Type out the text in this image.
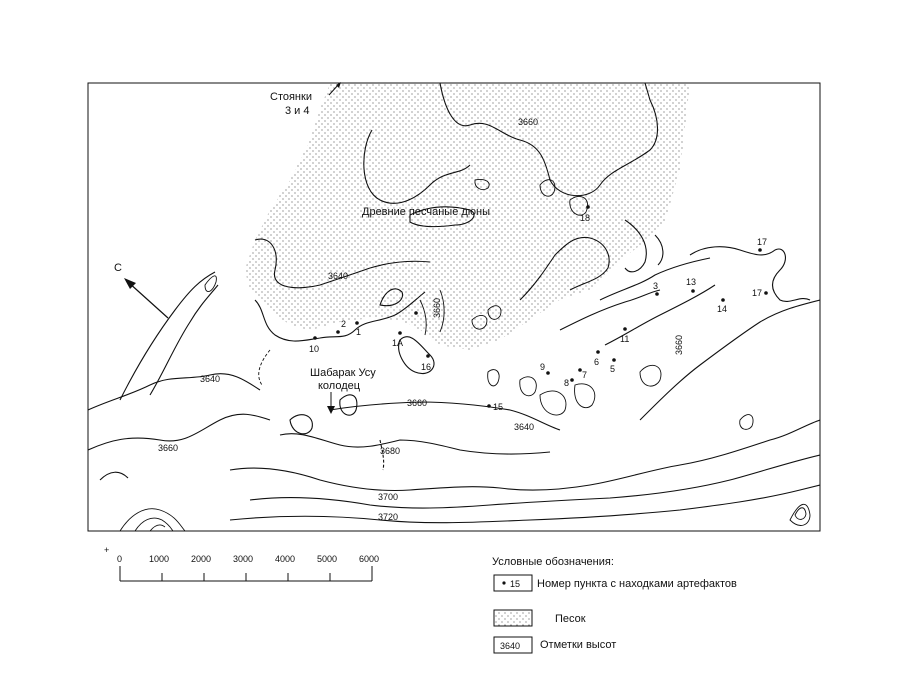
Стоянки
3 и 4
Древние песчаные дюны
Шабарак Усу
колодец
С
3660
3640
3660
3640
3660
3660
3660
3640
3680
3700
3720
18
17
13
3
14
17
11
6
5
2
1
10
1А
16
15
7
8
9
+
0	1000 2000 3000 4000 5000 6000	Условные обозначения:
15 Номер пункта с находками артефактов
Песок
3640 Отметки высот
